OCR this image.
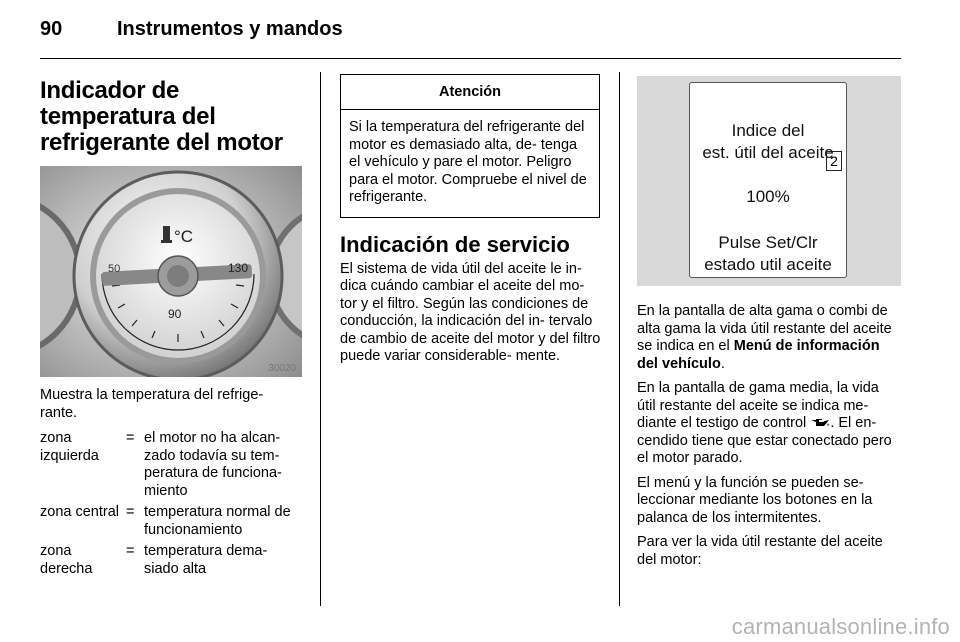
90	Instrumentos y mandos
Indicador de temperatura del refrigerante del motor
°C
50
90
130
30020

Muestra la temperatura del refrige- rante.

zona izquierda
= el motor no ha alcan- zado todavía su tem- peratura de funciona- miento
zona central = temperatura normal de funcionamiento
zona derecha
= temperatura dema- siado alta
Atención
Si la temperatura del refrigerante del motor es demasiado alta, de- tenga el vehículo y pare el motor. Peligro para el motor. Compruebe el nivel de refrigerante.
Indicación de servicio

El sistema de vida útil del aceite le in- dica cuándo cambiar el aceite del mo- tor y el filtro. Según las condiciones de conducción, la indicación del in- tervalo de cambio de aceite del motor y del filtro puede variar considerable- mente.

Indice del
est. útil del aceite
2
100%
Pulse Set/Clr
estado util aceite

En la pantalla de alta gama o combi de alta gama la vida útil restante del aceite se indica en el Menú de información del vehículo.

En la pantalla de gama media, la vida útil restante del aceite se indica me- diante el testigo de control . El en- cendido tiene que estar conectado pero el motor parado.

El menú y la función se pueden se- leccionar mediante los botones en la palanca de los intermitentes.

Para ver la vida útil restante del aceite del motor:

carmanualsonline.info
